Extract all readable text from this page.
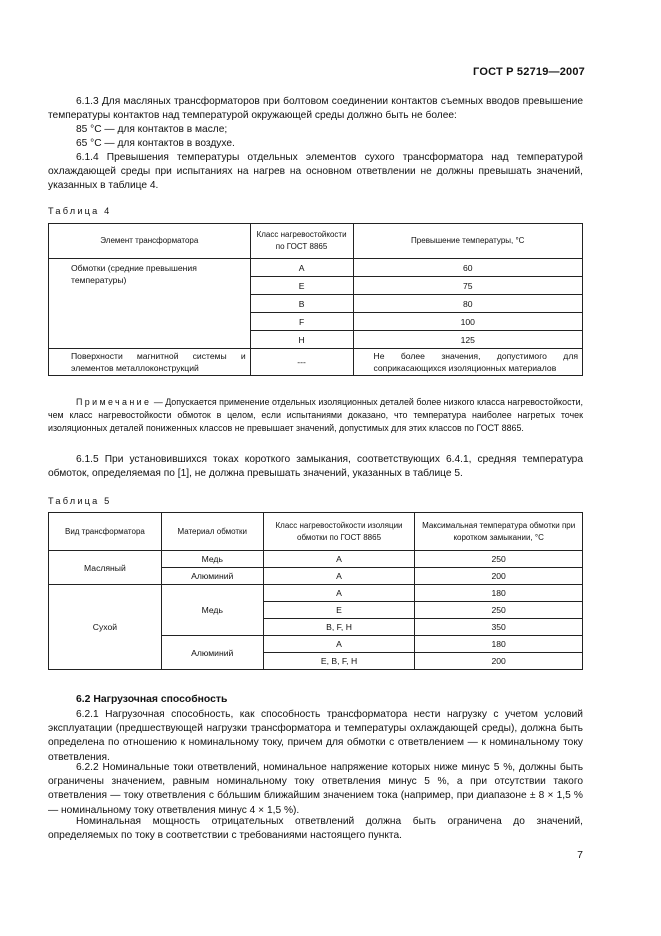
ГОСТ Р 52719—2007
6.1.3 Для масляных трансформаторов при болтовом соединении контактов съемных вводов превышение температуры контактов над температурой окружающей среды должно быть не более:
85 °С — для контактов в масле;
65 °С — для контактов в воздухе.
6.1.4 Превышения температуры отдельных элементов сухого трансформатора над температурой охлаждающей среды при испытаниях на нагрев на основном ответвлении не должны превышать значений, указанных в таблице 4.
Таблица 4
Элемент трансформатора	Класс нагревостойкости по ГОСТ 8865	Превышение температуры, °С
Обмотки (средние превышения температуры)	А	60
	Е	75
	В	80
	F	100
	Н	125
Поверхности магнитной системы и элементов металлоконструкций	---	Не более значения, допустимого для соприкасающихся изоляционных материалов
Примечание — Допускается применение отдельных изоляционных деталей более низкого класса нагревостойкости, чем класс нагревостойкости обмоток в целом, если испытаниями доказано, что температура наиболее нагретых точек изоляционных деталей пониженных классов не превышает значений, допустимых для этих классов по ГОСТ 8865.
6.1.5 При установившихся токах короткого замыкания, соответствующих 6.4.1, средняя температура обмоток, определяемая по [1], не должна превышать значений, указанных в таблице 5.
Таблица 5
Вид трансформатора	Материал обмотки	Класс нагревостойкости изоляции обмотки по ГОСТ 8865	Максимальная температура обмотки при коротком замыкании, °С
Масляный	Медь	А	250
	Алюминий	А	200
Сухой	Медь	А	180
		Е	250
		В, F, Н	350
	Алюминий	А	180
		Е, В, F, Н	200
6.2 Нагрузочная способность
6.2.1 Нагрузочная способность, как способность трансформатора нести нагрузку с учетом условий эксплуатации (предшествующей нагрузки трансформатора и температуры охлаждающей среды), должна быть определена по отношению к номинальному току, причем для обмотки с ответвлением — к номинальному току ответвления.
6.2.2 Номинальные токи ответвлений, номинальное напряжение которых ниже минус 5 %, должны быть ограничены значением, равным номинальному току ответвления минус 5 %, а при отсутствии такого ответвления — току ответвления с бо́льшим ближайшим значением тока (например, при диапазоне ± 8 × 1,5 % — номинальному току ответвления минус 4 × 1,5 %).
Номинальная мощность отрицательных ответвлений должна быть ограничена до значений, определяемых по току в соответствии с требованиями настоящего пункта.
7
